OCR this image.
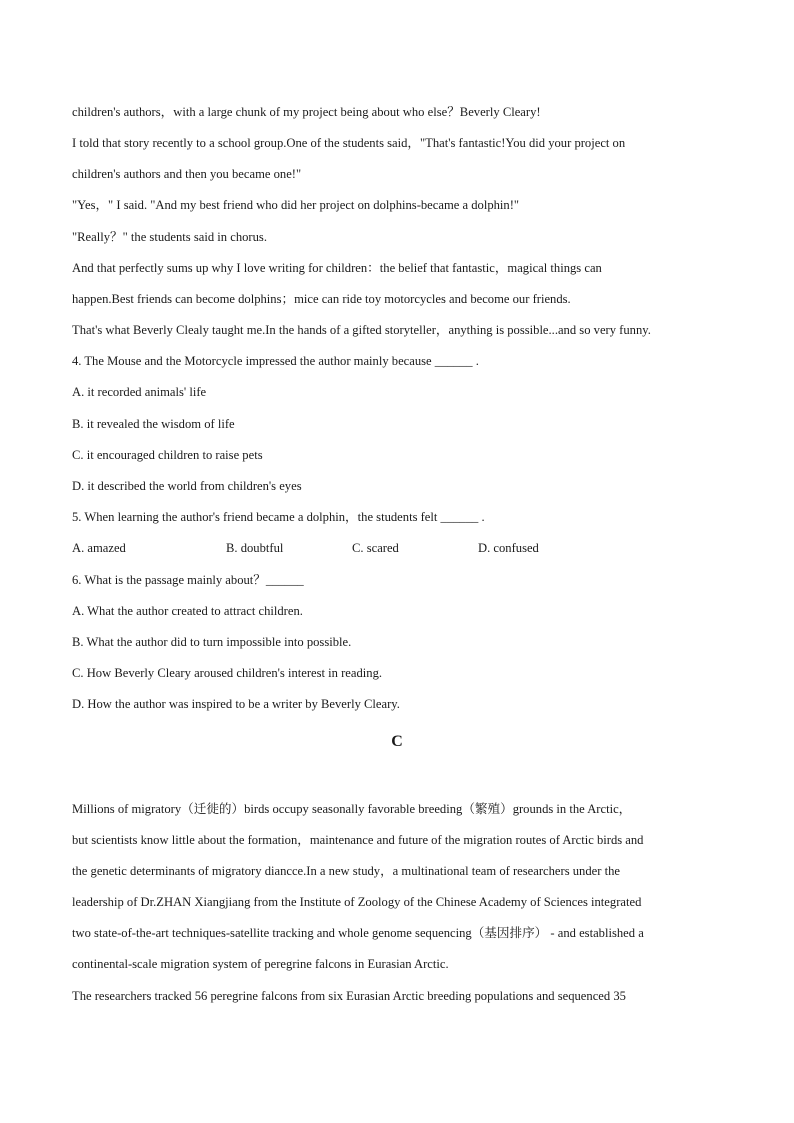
children's authors，with a large chunk of my project being about who else？Beverly Cleary!
I told that story recently to a school group.One of the students said，"That's fantastic!You did your project on
children's authors and then you became one!"
"Yes，" I said. "And my best friend who did her project on dolphins-became a dolphin!"
"Really？" the students said in chorus.
And that perfectly sums up why I love writing for children：the belief that fantastic，magical things can
happen.Best friends can become dolphins；mice can ride toy motorcycles and become our friends.
That's what Beverly Clealy taught me.In the hands of a gifted storyteller，anything is possible...and so very funny.
4. The Mouse and the Motorcycle impressed the author mainly because ______ .
A. it recorded animals' life
B. it revealed the wisdom of life
C. it encouraged children to raise pets
D. it described the world from children's eyes
5. When learning the author's friend became a dolphin，the students felt ______ .
A. amazed	B. doubtful	C. scared	D. confused
6. What is the passage mainly about？______
A. What the author created to attract children.
B. What the author did to turn impossible into possible.
C. How Beverly Cleary aroused children's interest in reading.
D. How the author was inspired to be a writer by Beverly Cleary.
C
Millions of migratory（迁徙的）birds occupy seasonally favorable breeding（繁殖）grounds in the Arctic，
but scientists know little about the formation，maintenance and future of the migration routes of Arctic birds and
the genetic determinants of migratory diancce.In a new study，a multinational team of researchers under the
leadership of Dr.ZHAN Xiangjiang from the Institute of Zoology of the Chinese Academy of Sciences integrated
two state-of-the-art techniques-satellite tracking and whole genome sequencing（基因排序） - and established a
continental-scale migration system of peregrine falcons in Eurasian Arctic.
The researchers tracked 56 peregrine falcons from six Eurasian Arctic breeding populations and sequenced 35
